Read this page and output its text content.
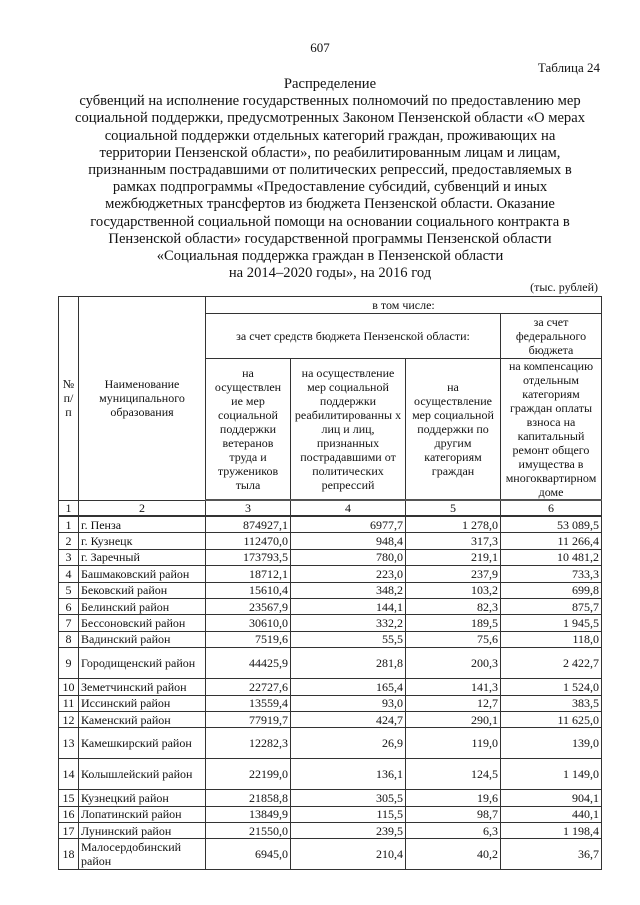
607
Таблица 24
Распределение
субвенций на исполнение государственных полномочий по предоставлению мер
социальной поддержки, предусмотренных Законом Пензенской области «О мерах
социальной поддержки отдельных категорий граждан, проживающих на
территории Пензенской области», по реабилитированным лицам и лицам,
признанным пострадавшими от политических репрессий, предоставляемых в
рамках подпрограммы «Предоставление субсидий, субвенций и иных
межбюджетных трансфертов из бюджета Пензенской области. Оказание
государственной социальной помощи на основании социального контракта в
Пензенской области» государственной программы Пензенской области
«Социальная поддержка граждан в Пензенской области
на 2014–2020 годы», на 2016 год
(тыс. рублей)
№ п/п	Наименование муниципального образования	в том числе:			
		за счет средств бюджета Пензенской области:			за счет федерального бюджета
		на осуществлен ие мер социальной поддержки ветеранов труда и тружеников тыла	на осуществление мер социальной поддержки реабилитированны х лиц и лиц, признанных пострадавшими от политических репрессий	на осуществление мер социальной поддержки по другим категориям граждан	на компенсацию отдельным категориям граждан оплаты взноса на капитальный ремонт общего имущества в многоквартирном доме
1	2	3	4	5	6
1	г. Пенза	874927,1	6977,7	1 278,0	53 089,5
2	г. Кузнецк	112470,0	948,4	317,3	11 266,4
3	г. Заречный	173793,5	780,0	219,1	10 481,2
4	Башмаковский район	18712,1	223,0	237,9	733,3
5	Бековский район	15610,4	348,2	103,2	699,8
6	Белинский район	23567,9	144,1	82,3	875,7
7	Бессоновский район	30610,0	332,2	189,5	1 945,5
8	Вадинский район	7519,6	55,5	75,6	118,0
9	Городищенский район	44425,9	281,8	200,3	2 422,7
10	Земетчинский район	22727,6	165,4	141,3	1 524,0
11	Иссинский район	13559,4	93,0	12,7	383,5
12	Каменский район	77919,7	424,7	290,1	11 625,0
13	Камешкирский район	12282,3	26,9	119,0	139,0
14	Колышлейский район	22199,0	136,1	124,5	1 149,0
15	Кузнецкий район	21858,8	305,5	19,6	904,1
16	Лопатинский район	13849,9	115,5	98,7	440,1
17	Лунинский район	21550,0	239,5	6,3	1 198,4
18	Малосердобинский район	6945,0	210,4	40,2	36,7
